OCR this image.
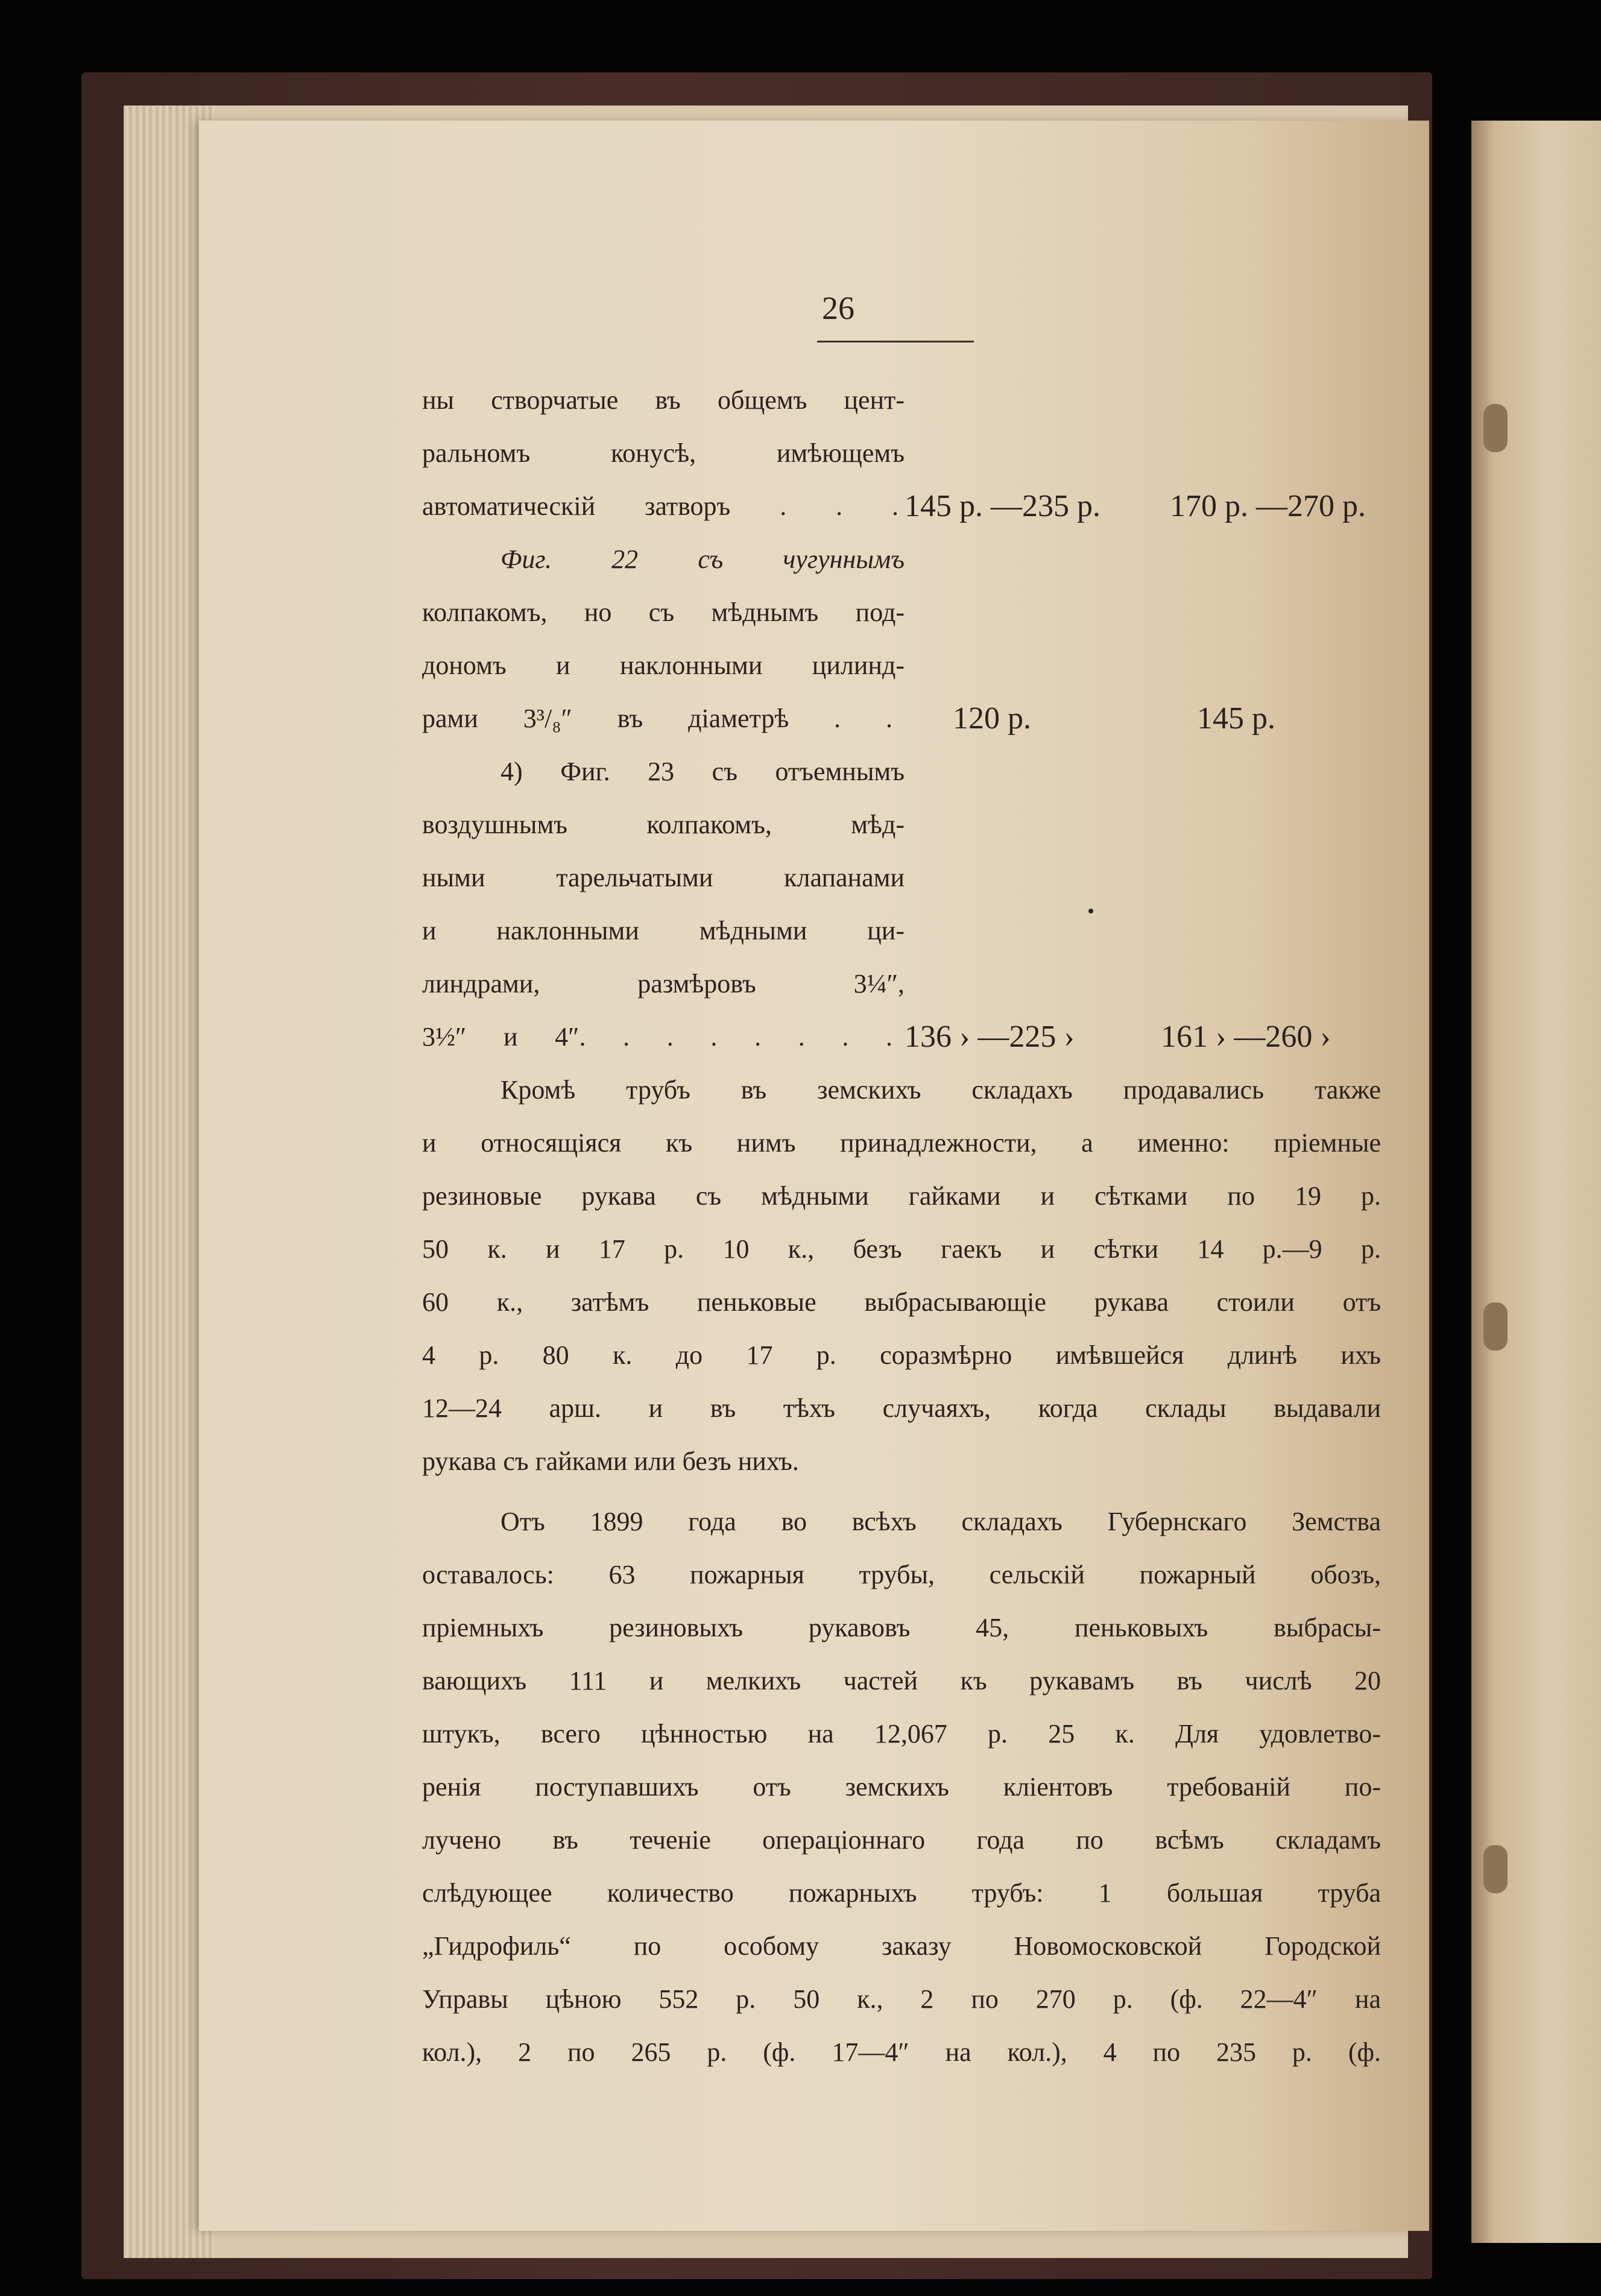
26
ны створчатые въ общемъ цент-
ральномъ конусѣ, имѣющемъ
автоматическій затворъ . . . 145 р. —235 р. 170 р. —270 р.
Фиг. 22 съ чугуннымъ
колпакомъ, но съ мѣднымъ под-
дономъ и наклонными цилинд-
рами 3³/₈″ въ діаметрѣ . . 120 р.	145 р.
4) Фиг. 23 съ отъемнымъ
воздушнымъ колпакомъ, мѣд-
ными тарельчатыми клапанами
и наклонными мѣдными ци-
линдрами, размѣровъ 3¼″,
3½″ и 4″. . . . . . . . 136 › —225 ›	161 › —260 ›
Кромѣ трубъ въ земскихъ складахъ продавались также
и относящіяся къ нимъ принадлежности, а именно: пріемные
резиновые рукава съ мѣдными гайками и сѣтками по 19 р.
50 к. и 17 р. 10 к., безъ гаекъ и сѣтки 14 р.—9 р.
60 к., затѣмъ пеньковые выбрасывающіе рукава стоили отъ
4 р. 80 к. до 17 р. соразмѣрно имѣвшейся длинѣ ихъ
12—24 арш. и въ тѣхъ случаяхъ, когда склады выдавали
рукава съ гайками или безъ нихъ.
Отъ 1899 года во всѣхъ складахъ Губернскаго Земства
оставалось: 63 пожарныя трубы, сельскій пожарный обозъ,
пріемныхъ резиновыхъ рукавовъ 45, пеньковыхъ выбрасы-
вающихъ 111 и мелкихъ частей къ рукавамъ въ числѣ 20
штукъ, всего цѣнностью на 12,067 р. 25 к. Для удовлетво-
ренія поступавшихъ отъ земскихъ кліентовъ требованій по-
лучено въ теченіе операціоннаго года по всѣмъ складамъ
слѣдующее количество пожарныхъ трубъ: 1 большая труба
„Гидрофиль“ по особому заказу Новомосковской Городской
Управы цѣною 552 р. 50 к., 2 по 270 р. (ф. 22—4″ на
кол.), 2 по 265 р. (ф. 17—4″ на кол.), 4 по 235 р. (ф.
